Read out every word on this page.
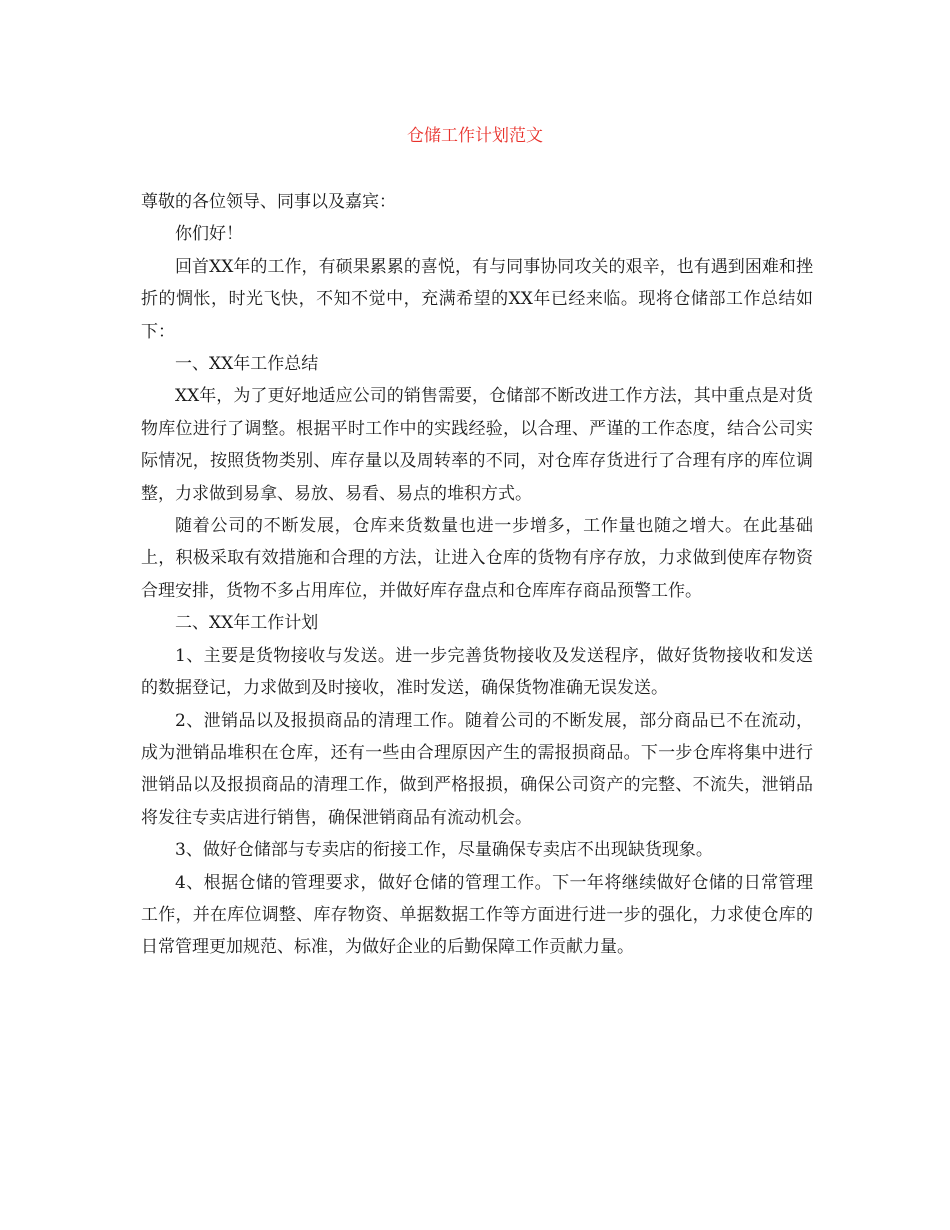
仓储工作计划范文

尊敬的各位领导、同事以及嘉宾：

你们好！

回首XX年的工作，有硕果累累的喜悦，有与同事协同攻关的艰辛，也有遇到困难和挫折的惆怅，时光飞快，不知不觉中，充满希望的XX年已经来临。现将仓储部工作总结如下：

一、XX年工作总结

XX年，为了更好地适应公司的销售需要，仓储部不断改进工作方法，其中重点是对货物库位进行了调整。根据平时工作中的实践经验，以合理、严谨的工作态度，结合公司实际情况，按照货物类别、库存量以及周转率的不同，对仓库存货进行了合理有序的库位调整，力求做到易拿、易放、易看、易点的堆积方式。

随着公司的不断发展，仓库来货数量也进一步增多，工作量也随之增大。在此基础上，积极采取有效措施和合理的方法，让进入仓库的货物有序存放，力求做到使库存物资合理安排，货物不多占用库位，并做好库存盘点和仓库库存商品预警工作。

二、XX年工作计划

1、主要是货物接收与发送。进一步完善货物接收及发送程序，做好货物接收和发送的数据登记，力求做到及时接收，准时发送，确保货物准确无误发送。

2、泄销品以及报损商品的清理工作。随着公司的不断发展，部分商品已不在流动，成为泄销品堆积在仓库，还有一些由合理原因产生的需报损商品。下一步仓库将集中进行泄销品以及报损商品的清理工作，做到严格报损，确保公司资产的完整、不流失，泄销品将发往专卖店进行销售，确保泄销商品有流动机会。

3、做好仓储部与专卖店的衔接工作，尽量确保专卖店不出现缺货现象。

4、根据仓储的管理要求，做好仓储的管理工作。下一年将继续做好仓储的日常管理工作，并在库位调整、库存物资、单据数据工作等方面进行进一步的强化，力求使仓库的日常管理更加规范、标准，为做好企业的后勤保障工作贡献力量。
